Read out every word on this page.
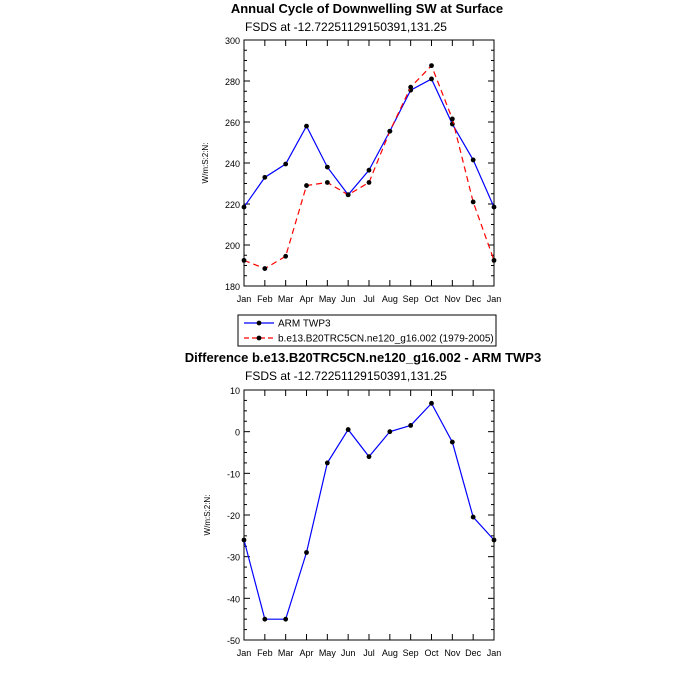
Annual Cycle of Downwelling SW at Surface
FSDS at -12.72251129150391,131.25
W/m:S:2:N:
180
200
220
240
260
280
300
Jan Feb Mar Apr May Jun Jul Aug Sep Oct Nov Dec Jan
ARM TWP3
b.e13.B20TRC5CN.ne120_g16.002 (1979-2005)
Difference b.e13.B20TRC5CN.ne120_g16.002 - ARM TWP3
FSDS at -12.72251129150391,131.25
W/m:S:2:N:
-50
-40
-30
-20
-10
0
10
Jan Feb Mar Apr May Jun Jul Aug Sep Oct Nov Dec Jan
